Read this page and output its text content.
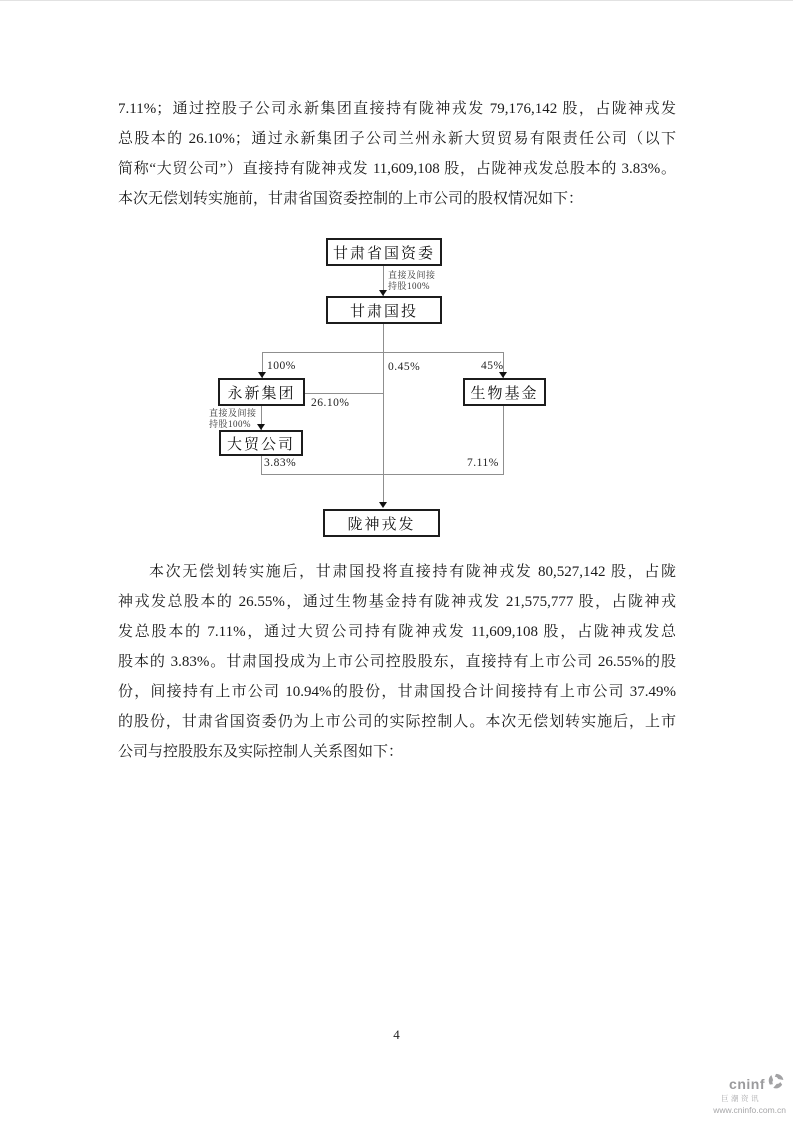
7.11%；通过控股子公司永新集团直接持有陇神戎发 79,176,142 股，占陇神戎发
总股本的 26.10%；通过永新集团子公司兰州永新大贸贸易有限责任公司（以下
简称“大贸公司”）直接持有陇神戎发 11,609,108 股，占陇神戎发总股本的 3.83%。
本次无偿划转实施前，甘肃省国资委控制的上市公司的股权情况如下：
直接及间接
持股100%
100%	0.45%	45%
26.10%
直接及间接
持股100%
3.83%	7.11%
甘肃省国资委
甘肃国投
永新集团	生物基金
大贸公司
陇神戎发
本次无偿划转实施后，甘肃国投将直接持有陇神戎发 80,527,142 股，占陇
神戎发总股本的 26.55%，通过生物基金持有陇神戎发 21,575,777 股，占陇神戎
发总股本的 7.11%，通过大贸公司持有陇神戎发 11,609,108 股，占陇神戎发总
股本的 3.83%。甘肃国投成为上市公司控股股东，直接持有上市公司 26.55%的股
份，间接持有上市公司 10.94%的股份，甘肃国投合计间接持有上市公司 37.49%
的股份，甘肃省国资委仍为上市公司的实际控制人。本次无偿划转实施后，上市
公司与控股股东及实际控制人关系图如下：
4
cninf
巨潮资讯
www.cninfo.com.cn
